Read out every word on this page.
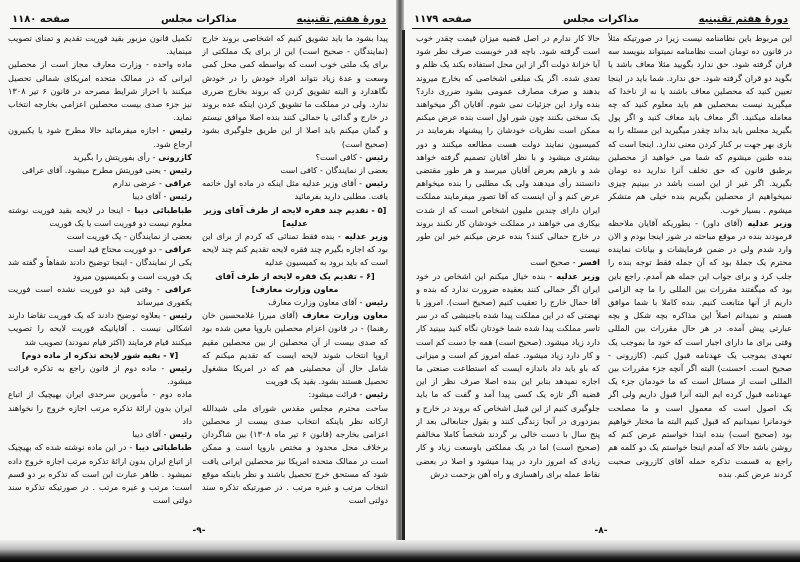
صفحه ۱۱۸۰	مذاکرات مجلس	دورهٔ هفتم تقنینیه

تکمیل قانون مزبور بقید فوریت تقدیم و تمنای تصویب مینماید.

ماده واحده - وزارت معارف مجاز است از محصلین ایرانی که در ممالک متحده امریکای شمالی تحصیل میکنند با احراز شرایط مصرحه در قانون ۶ تیر ۱۳۰۸ نیز جزء صدی بیست محصلین اعزامی بخارجه انتخاب نماید.

رئیس - اجازه میفرمائید حالا مطرح شود یا یکبیرون ارجاع شود.

کازرونی - رأی بفوریتش را بگیرید

رئیس - یعنی فوریتش مطرح میشود. آقای عراقی

عراقی - عرضی ندارم

رئیس - آقای دیبا

طباطبائی دیبا - اینجا در لایحه بقید فوریت نوشته معلوم نیست دو فوریت است یا یک فوریت

بعضی از نمایندگان - یک فوریت است

عراقی - دو فوریت محتاج قید است

یکی از نمایندگان - اینجا توضیح دادند شفاهاً و گفته شد یک فوریت است و بکمیسیون میرود

عراقی - وقتی قید دو فوریت نشده است فوریت یکفوری میرساند

رئیس - بعلاوه توضیح دادند که یک فوریت تقاضا دارند اشکالی نیست . آقایانیکه فوریت لایحه را تصویب میکنند قیام فرمایند (اکثر قیام نمودند) تصویب شد

[۷ - بقیه شور لایحه تذکره از ماده دوم]

رئیس - ماده دوم از قانون راجع به تذکره قرائت میشود.

ماده دوم - مأمورین سرحدی ایران بهیچیک از اتباع ایران بدون ارائهٔ تذکره مرتب اجازه خروج را نخواهند داد

رئیس - آقای دیبا

طباطبائی دیبا - در این ماده نوشته شده که بهیچیک از اتباع ایران بدون ارائهٔ تذکره مرتب اجازه خروج داده نمیشود . ظاهر عبارت این است که تذکره بر دو قسم است: مرتب و غیره مرتب . در صورتیکه تذکره سند دولتی است

پیدا بشود ما باید تشویق کنیم که اشخاصی بروند خارج (نمایندگان - صحیح است) این از برای یک مملکتی از برای یک ملتی خوب است که بواسطه کمی محل کمی وسعت و عدهٔ زیاد نتواند افراد خودش را در خودش نگاهدارد و البته تشویق کردن که بروند بخارج ضرری ندارد. ولی در مملکت ما تشویق کردن اینکه عده بروند در خارج و گدائی یا حمالی کنند بنده اصلا موافق نیستم و گمان میکنم باید اصلا از این طریق جلوگیری بشود (صحیح است)

رئیس - کافی است؟

بعضی از نمایندگان - کافی است

رئیس - آقای وزیر عدلیه مثل اینکه در ماده اول خاتمه یافت. مطلبی دارید بفرمائید

[۵ - تقدیم چند فقره لایحه از طرف آقای وزیر عدلیه]

وزیر عدلیه - بنده فقط تمنائی که کردم از برای این بود که اجازه بگیرم چند فقره لایحه تقدیم کنم چند لایحه است که باید برود به کمیسیون عدلیه

[۶ - تقدیم یک فقره لایحه از طرف آقای معاون وزارت معارف]

رئیس - آقای معاون وزارت معارف

معاون وزارت معارف (آقای میرزا غلامحسین خان رهنما) - در قانون اعزام محصلین باروپا معین شده بود که صدی بیست از آن محصلین از بین محصلین مقیم اروپا انتخاب شوند لایحه ایست که تقدیم میکنم که شامل حال آن محصلینی هم که در امریکا مشغول تحصیل هستند بشود. بقید یک فوریت

رئیس - قرائت میشود:

ساحت محترم مجلس مقدس شورای ملی شیدالله ارکانه نظر باینکه انتخاب صدی بیست از محصلین اعزامی بخارجه (قانون ۶ تیر ماه ۱۳۰۸) بین شاگردان برخلاف محل محدود و مختص باروپا است و ممکن است در ممالک متحده امریکا نیز محصلین ایرانی یافت شود که مستحق خرج تحصیل باشند و نظر باینکه موقع انتخاب مرتب و غیره مرتب . در صورتیکه تذکره سند دولتی است

-۹-
صفحه ۱۱۷۹	مذاکرات مجلس	دورهٔ هفتم تقنینیه

حالا کار ندارم در اصل قضیه میزان قیمت چقدر خوب است گرفته شود. باچه قدر خوبست صرف نظر شود آیا خزانهٔ دولت اگر از این محل استفاده بکند یک ظلم و تعدی شده. اگر یک مبلغی اشخاصی که بخارج میروند بدهند و صرف مصارف عمومی بشود ضرری دارد؟ بنده وارد این جزئیات نمی شوم. آقایان اگر میخواهند یک سختی بکنند چون شور اول است بنده عرض میکنم ممکن است نظریات خودشان را پیشنهاد بفرمایند در کمیسیون نمایند دولت هست مطالعه میکنند و دور بیشتری میشود و با نظر آقایان تصمیم گرفته خواهد شد و بازهم بعرض آقایان میرسد و هر طور مقتضی دانستند رأی میدهند ولی یک مطلبی را بنده میخواهم عرض کنم و آن اینست که آقا تصور میفرمایند مملکت ایران دارای چندین ملیون اشخاص است که از شدت بیکاری می خواهند در مملکت خودشان کار نکنند بروند در خارج حمالی کنند؟ بنده عرض میکنم خیر این طور نیست

افسر - صحیح است

وزیر عدلیه - بنده خیال میکنم این اشخاص در خود ایران اگر حمالی کنند بعقیده ضرورت ندارد که بنده و آقا حمال خارج را تعقیب کنیم (صحیح است). امروز با نهضتی که در این مملکت پیدا شده باجنبشی که در سر تاسر مملکت پیدا شده شما خودتان نگاه کنید ببینید کار دارد زیاد میشود. (صحیح است) همه جا دست کم است و کار دارد زیاد میشود. عمله امروز کم است و میزانی که باو باید داد باندازه ایست که استطاعت صنعتی ما اجازه نمیدهد بنابر این بنده اصلا صرف نظر از این قضیه اگر تازه یک کسی پیدا آمد و گفت که ما باید جلوگیری کنیم از این قبیل اشخاص که بروند در خارج و بمزدوری در آنجا زندگی کنند و بقول جنابعالی بعد از پنج سال با دست خالی بر گردند شخصاً کاملا مخالفم (صحیح است) اما در یک مملکتی باوسعت زیاد و کار زیادی که امروز دارد در پیدا میشود و اصلا در بعضی نقاط عمله برای راهسازی و راه آهن بزحمت درش

این مربوط باین نظامنامه نیست زیرا در صورتیکه مثلاً در قانون ده تومان است نظامنامه نمیتواند بنویسد سه قران گرفته شود. حق ندارد بگویید مثلا معاف باشد یا بگوید دو قران گرفته شود. حق ندارد. شما باید در اینجا تعیین کنید که محصلین معاف باشند یا نه از ناخدا که میگیرید نیست بمحصلین هم باید معلوم کنید که چه معامله میکنید. اگر معاف باید معاف کنید و اگر پول بگیرید مجلس باید بداند چقدر میگیرید این مسئله را به بازی بهر جهت بر کنار کردن معنی ندارد. اینجا است که بنده ظنین میشوم که شما می خواهید از محصلین برطبق قانون که حق تخلف آنرا ندارید ده تومان بگیرید. اگر غیر از این است باشد در ببینیم چیزی نمیخواهیم از محصلین بگیریم بنده خیلی هم متشکر میشوم . بسیار خوب.

وزیر عدلیه (آقای داور) - بطوریکه آقایان ملاحظه فرمودند بنده در موقع مباحثه در شور اینجا بودم و الان وارد شدم ولی در ضمن فرمایشات و بیانات نماینده محترم یک جملهٔ بود که آن جمله فقط توجه بنده را جلب کرد و برای جواب این جمله هم آمدم. راجع باین بود که میگفتند مقررات بین المللی را ما چه الزامی داریم از آنها متابعت کنیم. بنده کاملا با شما موافق هستم و نمیدانم اصلاً این مذاکره بچه شکل و بچه عبارتی پیش آمده. در هر حال مقررات بین المللی وقتی برای ما دارای اجبار است که خود ما بموجب یک تعهدی بموجب یک عهدنامه قبول کنیم. (کازرونی - صحیح است. احسنت) البته اگر آنچه جزء مقررات بین المللی است از مسائل است که ما خودمان جزء یک عهدنامه قبول کرده ایم البته آنرا قبول داریم ولی اگر یک اصول است که معمول است و ما مصلحت خودمانرا نمیدانیم که قبول کنیم البته ما مختار خواهیم بود (صحیح است) بنده ابتدا خواستم عرض کنم که روشن باشد حالا که آمدم اینجا خواستم یک دو کلمه هم راجع به قسمت تذکره حمله آقای کازرونی صحبت کردند عرض کنم. بنده

-۸-
